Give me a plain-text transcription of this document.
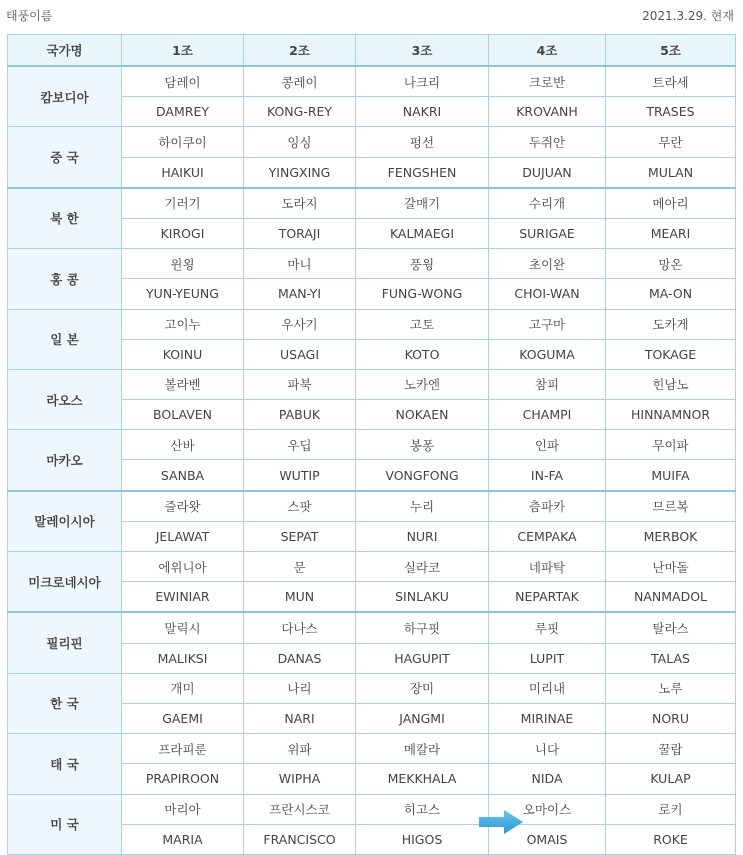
태풍이름	2021.3.29. 현재
국가명	1조	2조	3조	4조	5조
캄보디아	담레이	콩레이	나크리	크로반	트라세
	DAMREY	KONG-REY	NAKRI	KROVANH	TRASES
중 국	하이쿠이	잉싱	펑선	두쥐안	무란
	HAIKUI	YINGXING	FENGSHEN	DUJUAN	MULAN
북 한	기러기	도라지	갈매기	수리개	메아리
	KIROGI	TORAJI	KALMAEGI	SURIGAE	MEARI
홍 콩	윈욍	마니	풍웡	초이완	망온
	YUN-YEUNG	MAN-YI	FUNG-WONG	CHOI-WAN	MA-ON
일 본	고이누	우사기	고토	고구마	도카게
	KOINU	USAGI	KOTO	KOGUMA	TOKAGE
라오스	볼라벤	파북	노카엔	참피	힌남노
	BOLAVEN	PABUK	NOKAEN	CHAMPI	HINNAMNOR
마카오	산바	우딥	봉퐁	인파	무이파
	SANBA	WUTIP	VONGFONG	IN-FA	MUIFA
말레이시아	즐라왓	스팟	누리	츰파카	므르복
	JELAWAT	SEPAT	NURI	CEMPAKA	MERBOK
미크로네시아	에위니아	문	실라코	네파탁	난마돌
	EWINIAR	MUN	SINLAKU	NEPARTAK	NANMADOL
필리핀	말릭시	다나스	하구핏	루핏	탈라스
	MALIKSI	DANAS	HAGUPIT	LUPIT	TALAS
한 국	개미	나리	장미	미리내	노루
	GAEMI	NARI	JANGMI	MIRINAE	NORU
태 국	프라피룬	위파	메칼라	니다	꿀랍
	PRAPIROON	WIPHA	MEKKHALA	NIDA	KULAP
미 국	마리아	프란시스코	히고스	오마이스	로키
	MARIA	FRANCISCO	HIGOS	OMAIS	ROKE
